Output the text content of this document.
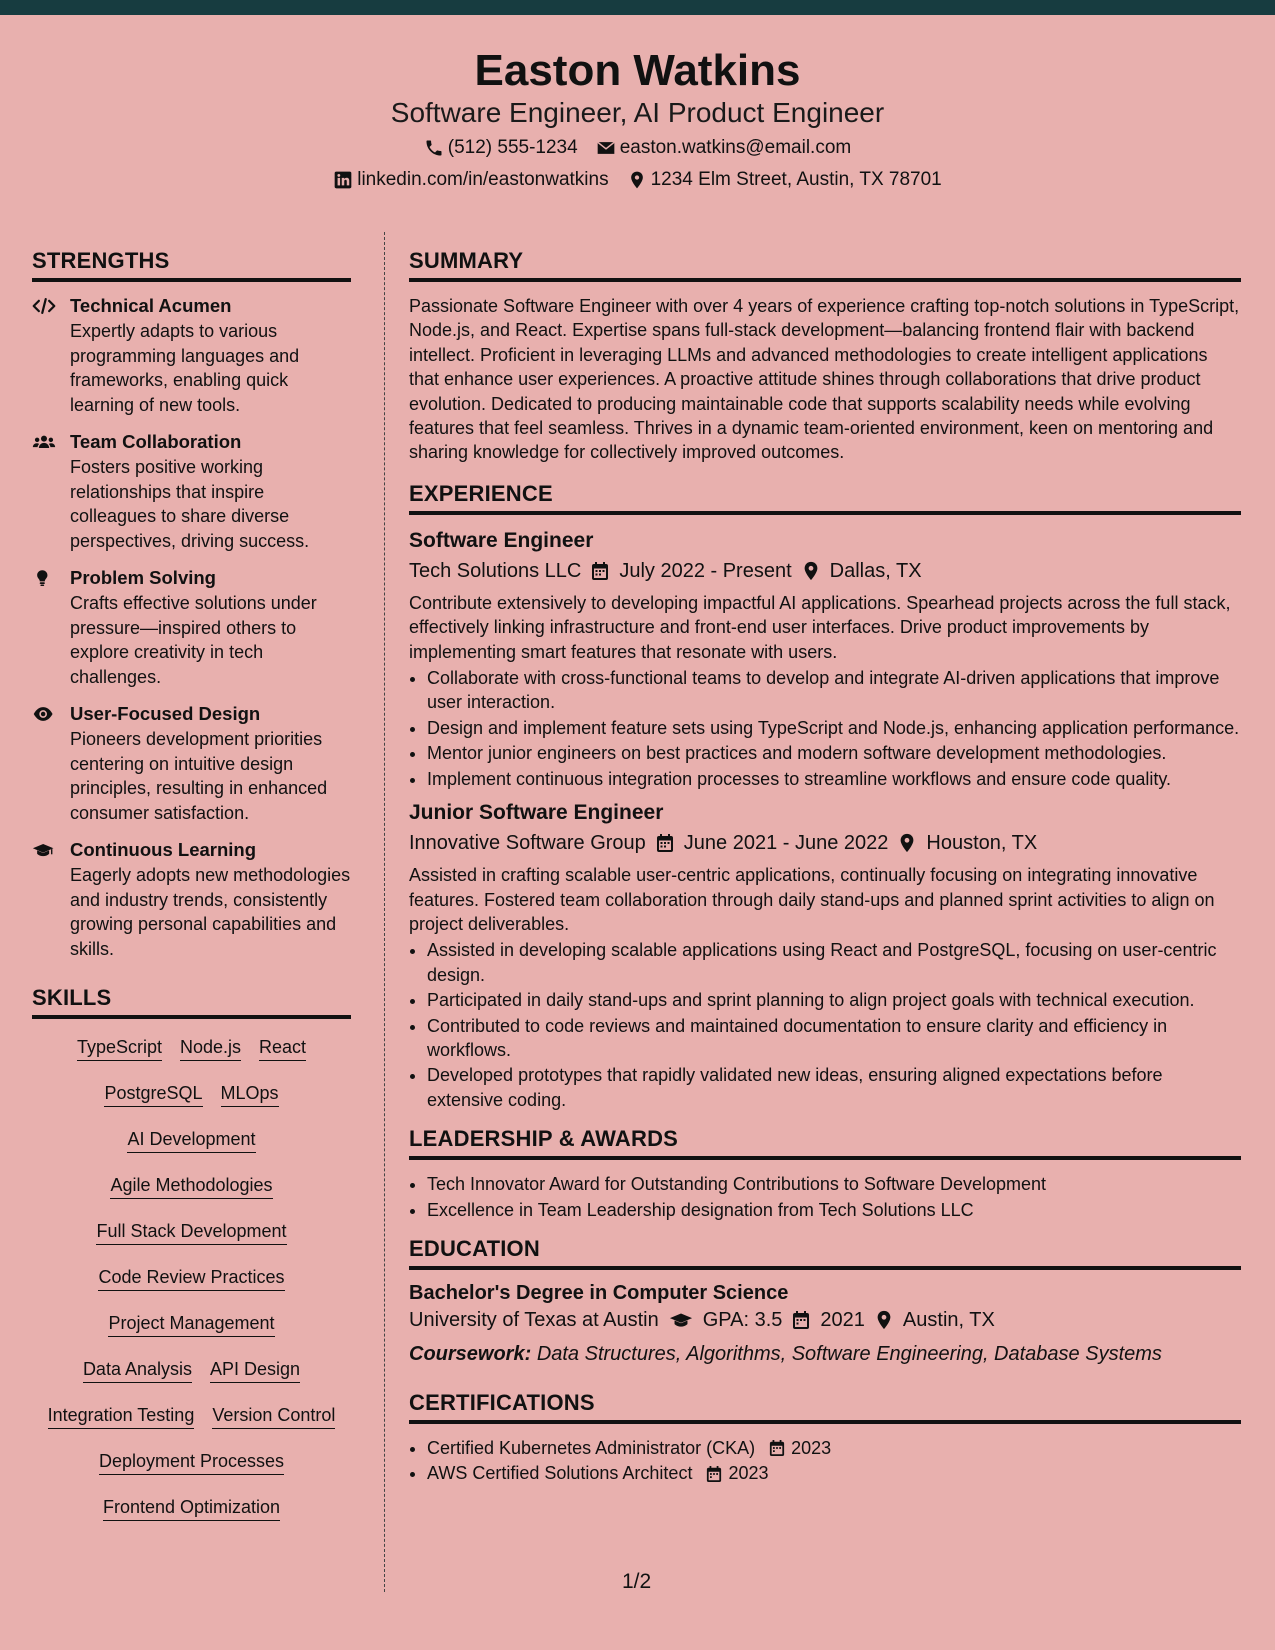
Easton Watkins
Software Engineer, AI Product Engineer
(512) 555-1234 easton.watkins@email.com
linkedin.com/in/eastonwatkins 1234 Elm Street, Austin, TX 78701
STRENGTHS
Technical Acumen

Expertly adapts to various programming languages and frameworks, enabling quick learning of new tools.

Team Collaboration

Fosters positive working relationships that inspire colleagues to share diverse perspectives, driving success.

Problem Solving

Crafts effective solutions under pressure—inspired others to explore creativity in tech challenges.

User-Focused Design

Pioneers development priorities centering on intuitive design principles, resulting in enhanced consumer satisfaction.

Continuous Learning

Eagerly adopts new methodologies and industry trends, consistently growing personal capabilities and skills.

SKILLS
TypeScript Node.js React
PostgreSQL MLOps
AI Development
Agile Methodologies
Full Stack Development
Code Review Practices
Project Management
Data Analysis API Design
Integration Testing Version Control
Deployment Processes
Frontend Optimization
SUMMARY

Passionate Software Engineer with over 4 years of experience crafting top-notch solutions in TypeScript, Node.js, and React. Expertise spans full-stack development—balancing frontend flair with backend intellect. Proficient in leveraging LLMs and advanced methodologies to create intelligent applications that enhance user experiences. A proactive attitude shines through collaborations that drive product evolution. Dedicated to producing maintainable code that supports scalability needs while evolving features that feel seamless. Thrives in a dynamic team-oriented environment, keen on mentoring and sharing knowledge for collectively improved outcomes.

EXPERIENCE
Software Engineer
Tech Solutions LLC July 2022 - Present Dallas, TX

Contribute extensively to developing impactful AI applications. Spearhead projects across the full stack, effectively linking infrastructure and front-end user interfaces. Drive product improvements by implementing smart features that resonate with users.

• Collaborate with cross-functional teams to develop and integrate AI-driven applications that improve user interaction.
• Design and implement feature sets using TypeScript and Node.js, enhancing application performance.
• Mentor junior engineers on best practices and modern software development methodologies.
• Implement continuous integration processes to streamline workflows and ensure code quality.
Junior Software Engineer
Innovative Software Group June 2021 - June 2022 Houston, TX

Assisted in crafting scalable user-centric applications, continually focusing on integrating innovative features. Fostered team collaboration through daily stand-ups and planned sprint activities to align on project deliverables.

• Assisted in developing scalable applications using React and PostgreSQL, focusing on user-centric design.
• Participated in daily stand-ups and sprint planning to align project goals with technical execution.
• Contributed to code reviews and maintained documentation to ensure clarity and efficiency in workflows.
• Developed prototypes that rapidly validated new ideas, ensuring aligned expectations before extensive coding.
LEADERSHIP & AWARDS
• Tech Innovator Award for Outstanding Contributions to Software Development
• Excellence in Team Leadership designation from Tech Solutions LLC
EDUCATION
Bachelor's Degree in Computer Science
University of Texas at Austin GPA: 3.5 2021 Austin, TX
Coursework: Data Structures, Algorithms, Software Engineering, Database Systems
CERTIFICATIONS
• Certified Kubernetes Administrator (CKA) 2023
• AWS Certified Solutions Architect 2023
1/2
